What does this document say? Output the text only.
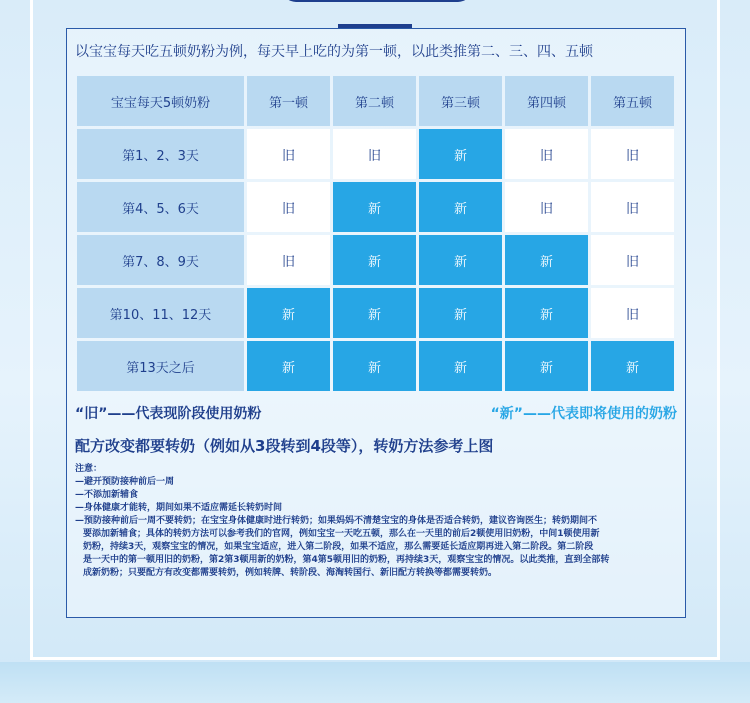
以宝宝每天吃五顿奶粉为例，每天早上吃的为第一顿，以此类推第二、三、四、五顿
宝宝每天5顿奶粉	第一顿	第二顿	第三顿	第四顿	第五顿
第1、2、3天	旧	旧	新	旧	旧
第4、5、6天	旧	新	新	旧	旧
第7、8、9天	旧	新	新	新	旧
第10、11、12天	新	新	新	新	旧
第13天之后	新	新	新	新	新
“旧”——代表现阶段使用奶粉	“新”——代表即将使用的奶粉
配方改变都要转奶（例如从3段转到4段等），转奶方法参考上图
注意：
—避开预防接种前后一周
—不添加新辅食
—身体健康才能转，期间如果不适应需延长转奶时间
—预防接种前后一周不要转奶；在宝宝身体健康时进行转奶；如果妈妈不清楚宝宝的身体是否适合转奶，建议咨询医生；转奶期间不
要添加新辅食；具体的转奶方法可以参考我们的官网，例如宝宝一天吃五顿，那么在一天里的前后2顿使用旧奶粉，中间1顿使用新
奶粉，持续3天，观察宝宝的情况，如果宝宝适应，进入第二阶段，如果不适应，那么需要延长适应期再进入第二阶段。第二阶段
是一天中的第一顿用旧的奶粉，第2第3顿用新的奶粉，第4第5顿用旧的奶粉，再持续3天，观察宝宝的情况。以此类推，直到全部转
成新奶粉；只要配方有改变都需要转奶，例如转牌、转阶段、海淘转国行、新旧配方转换等都需要转奶。
